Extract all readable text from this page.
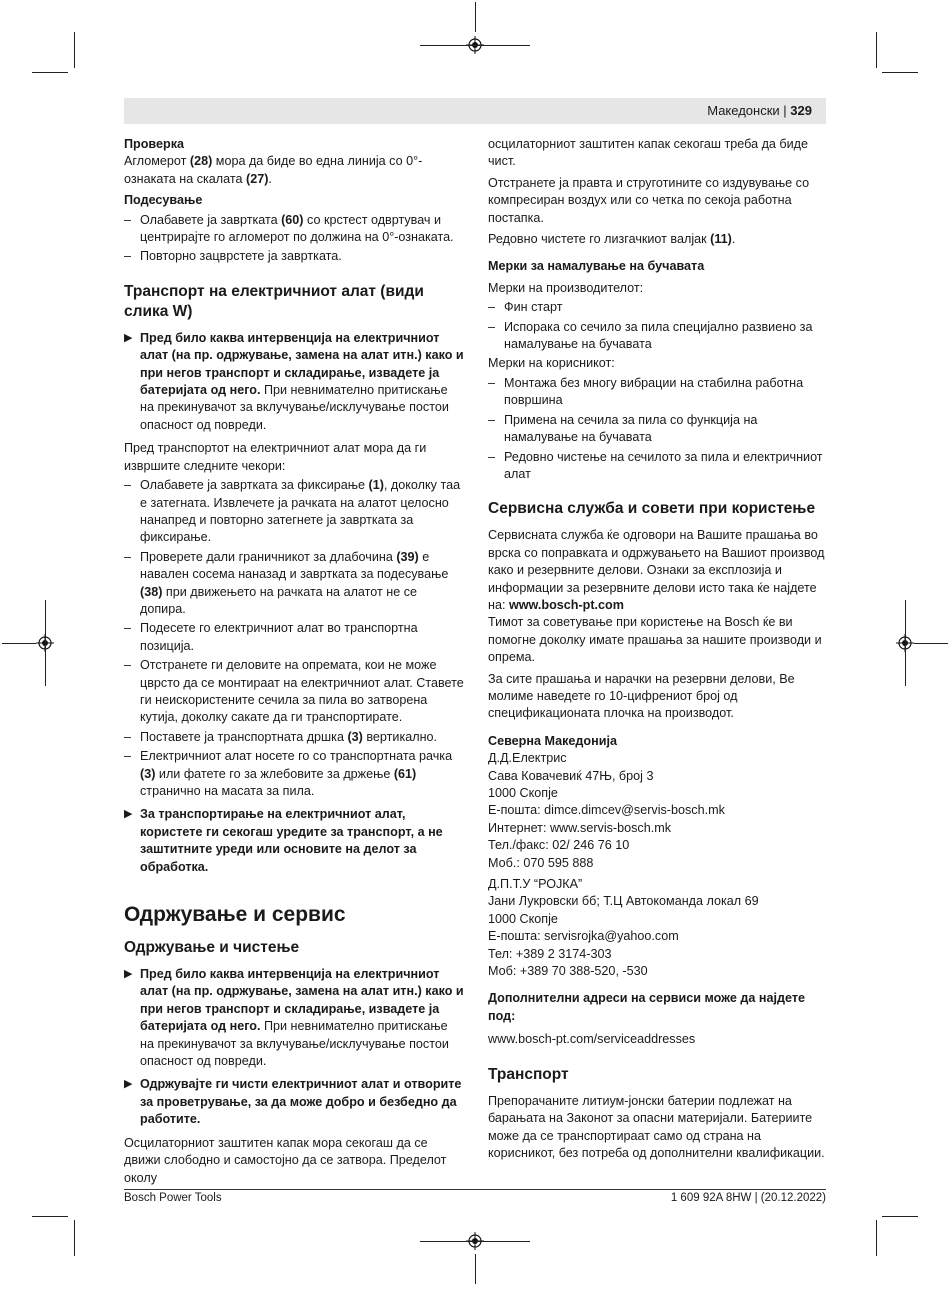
Македонски | 329

Проверка

Агломерот (28) мора да биде во една линија со 0°-ознаката на скалата (27).

Подесување

– Олабавете ја завртката (60) со крстест одвртувач и центрирајте го агломерот по должина на 0°-ознаката.
– Повторно зацврстете ја завртката.

Транспорт на електричниот алат (види слика W)

▶ Пред било каква интервенција на електричниот алат (на пр. одржување, замена на алат итн.) како и при негов транспорт и складирање, извадете ја батеријата од него. При невнимателно притискање на прекинувачот за вклучување/исклучување постои опасност од повреди.

Пред транспортот на електричниот алат мора да ги извршите следните чекори:

– Олабавете ја завртката за фиксирање (1), доколку таа е затегната. Извлечете ја рачката на алатот целосно нанапред и повторно затегнете ја завртката за фиксирање.
– Проверете дали граничникот за длабочина (39) е навален сосема наназад и завртката за подесување (38) при движењето на рачката на алатот не се допира.
– Подесете го електричниот алат во транспортна позиција.
– Отстранете ги деловите на опремата, кои не може цврсто да се монтираат на електричниот алат. Ставете ги неискористените сечила за пила во затворена кутија, доколку сакате да ги транспортирате.
– Поставете ја транспортната дршка (3) вертикално.
– Електричниот алат носете го со транспортната рачка (3) или фатете го за жлебовите за држење (61) странично на масата за пила.
▶ За транспортирање на електричниот алат, користете ги секогаш уредите за транспорт, а не заштитните уреди или основите на делот за обработка.

Одржување и сервис

Одржување и чистење

▶ Пред било каква интервенција на електричниот алат (на пр. одржување, замена на алат итн.) како и при негов транспорт и складирање, извадете ја батеријата од него. При невнимателно притискање на прекинувачот за вклучување/исклучување постои опасност од повреди.
▶ Одржувајте ги чисти електричниот алат и отворите за проветрување, за да може добро и безбедно да работите.

Осцилаторниот заштитен капак мора секогаш да се движи слободно и самостојно да се затвора. Пределот околу

осцилаторниот заштитен капак секогаш треба да биде чист.

Отстранете ја правта и струготините со издувување со компресиран воздух или со четка по секоја работна постапка.

Редовно чистете го лизгачкиот валјак (11).

Мерки за намалување на бучавата

Мерки на производителот:

– Фин старт
– Испорака со сечило за пила специјално развиено за намалување на бучавата

Мерки на корисникот:

– Монтажа без многу вибрации на стабилна работна површина
– Примена на сечила за пила со функција на намалување на бучавата
– Редовно чистење на сечилото за пила и електричниот алат

Сервисна служба и совети при користење

Сервисната служба ќе одговори на Вашите прашања во врска со поправката и одржувањето на Вашиот производ како и резервните делови. Ознаки за експлозија и информации за резервните делови исто така ќе најдете на: www.bosch-pt.com

Тимот за советување при користење на Bosch ќе ви помогне доколку имате прашања за нашите производи и опрема.

За сите прашања и нарачки на резервни делови, Ве молиме наведете го 10-цифрениот број од спецификационата плочка на производот.

Северна Македонија

Д.Д.Електрис

Сава Ковачевиќ 47Њ, број 3

1000 Скопје

Е-пошта: dimce.dimcev@servis-bosch.mk

Интернет: www.servis-bosch.mk

Тел./факс: 02/ 246 76 10

Моб.: 070 595 888

Д.П.Т.У “РОЈКА”

Јани Лукровски бб; Т.Ц Автокоманда локал 69

1000 Скопје

Е-пошта: servisrojka@yahoo.com

Тел: +389 2 3174-303

Моб: +389 70 388-520, -530

Дополнителни адреси на сервиси може да најдете под:

www.bosch-pt.com/serviceaddresses

Транспорт

Препорачаните литиум-јонски батерии подлежат на барањата на Законот за опасни материјали. Батериите може да се транспортираат само од страна на корисникот, без потреба од дополнителни квалификации.

Bosch Power Tools	1 609 92A 8HW | (20.12.2022)
